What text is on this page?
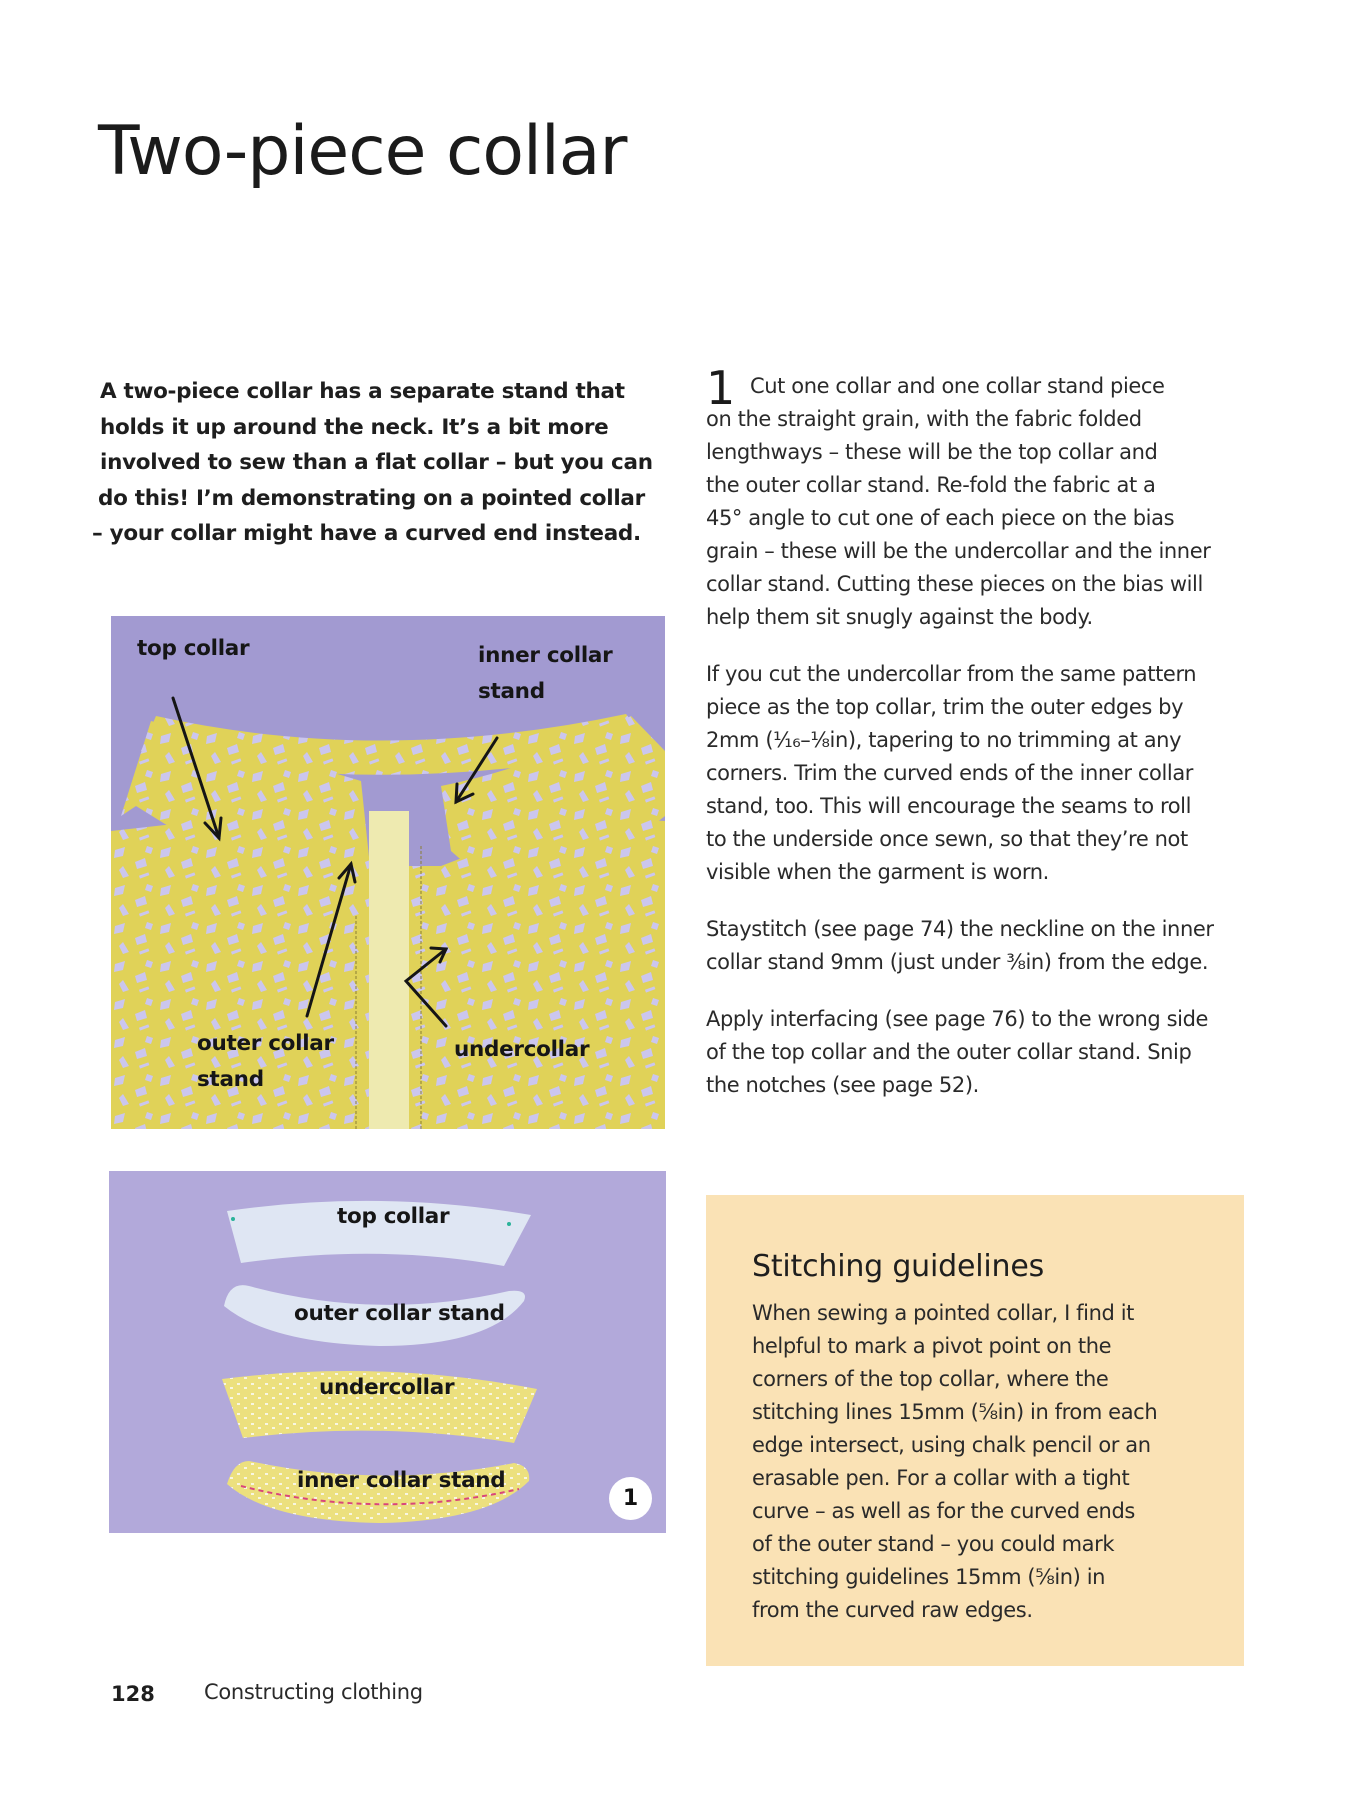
Two-piece collar
A two-piece collar has a separate stand that
holds it up around the neck. It’s a bit more
involved to sew than a flat collar – but you can
do this! I’m demonstrating on a pointed collar
– your collar might have a curved end instead.
1 Cut one collar and one collar stand piece
on the straight grain, with the fabric folded
lengthways – these will be the top collar and
the outer collar stand. Re-fold the fabric at a
45° angle to cut one of each piece on the bias
grain – these will be the undercollar and the inner
collar stand. Cutting these pieces on the bias will
help them sit snugly against the body.

If you cut the undercollar from the same pattern
piece as the top collar, trim the outer edges by
2mm (¹⁄₁₆–¹⁄₈in), tapering to no trimming at any
corners. Trim the curved ends of the inner collar
stand, too. This will encourage the seams to roll
to the underside once sewn, so that they’re not
visible when the garment is worn.

Staystitch (see page 74) the neckline on the inner
collar stand 9mm (just under ³⁄₈in) from the edge.

Apply interfacing (see page 76) to the wrong side
of the top collar and the outer collar stand. Snip
the notches (see page 52).

top collar	inner collar
stand
outer collar
stand
undercollar
top collar
outer collar stand
undercollar
inner collar stand
1
Stitching guidelines
When sewing a pointed collar, I find it
helpful to mark a pivot point on the
corners of the top collar, where the
stitching lines 15mm (⁵⁄₈in) in from each
edge intersect, using chalk pencil or an
erasable pen. For a collar with a tight
curve – as well as for the curved ends
of the outer stand – you could mark
stitching guidelines 15mm (⁵⁄₈in) in
from the curved raw edges.
128 Constructing clothing
